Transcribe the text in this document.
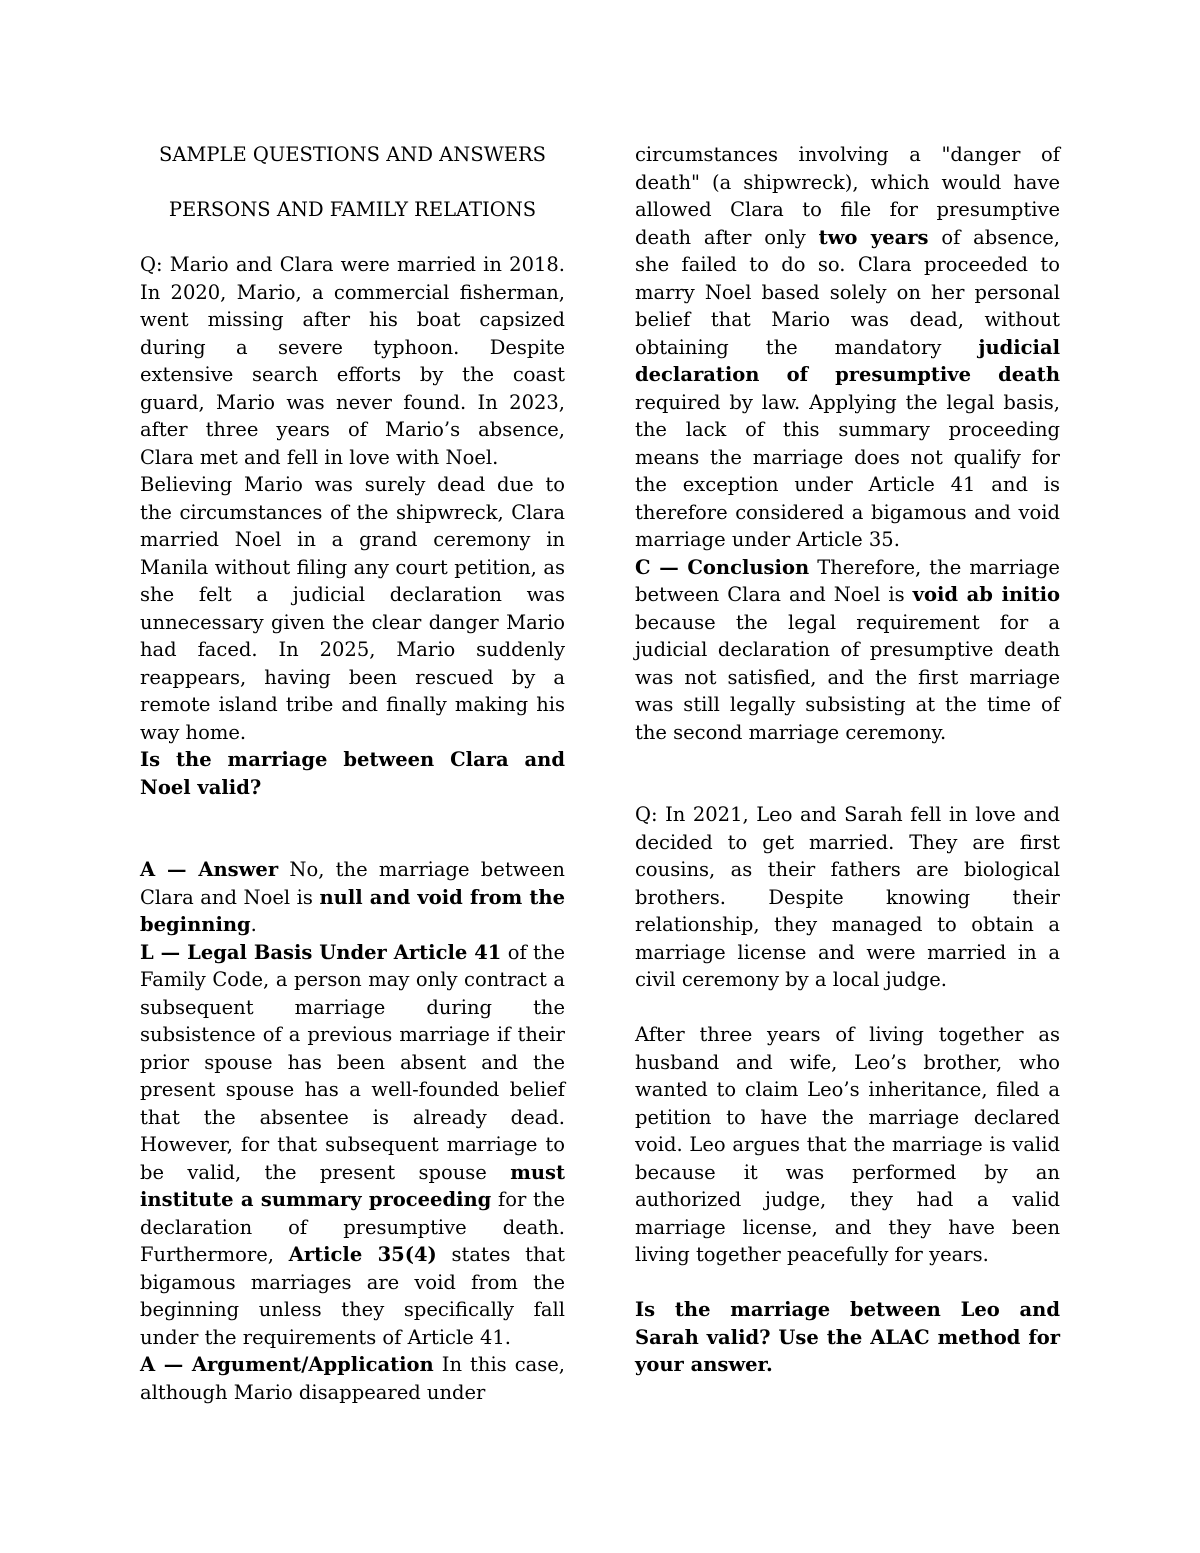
SAMPLE QUESTIONS AND ANSWERS

PERSONS AND FAMILY RELATIONS

Q: Mario and Clara were married in 2018. In 2020, Mario, a commercial fisherman, went missing after his boat capsized during a severe typhoon. Despite extensive search efforts by the coast guard, Mario was never found. In 2023, after three years of Mario’s absence, Clara met and fell in love with Noel.

Believing Mario was surely dead due to the circumstances of the shipwreck, Clara married Noel in a grand ceremony in Manila without filing any court petition, as she felt a judicial declaration was unnecessary given the clear danger Mario had faced. In 2025, Mario suddenly reappears, having been rescued by a remote island tribe and finally making his way home.

Is the marriage between Clara and Noel valid?

A — Answer No, the marriage between Clara and Noel is null and void from the beginning.

L — Legal Basis Under Article 41 of the Family Code, a person may only contract a subsequent marriage during the subsistence of a previous marriage if their prior spouse has been absent and the present spouse has a well-founded belief that the absentee is already dead. However, for that subsequent marriage to be valid, the present spouse must institute a summary proceeding for the declaration of presumptive death. Furthermore, Article 35(4) states that bigamous marriages are void from the beginning unless they specifically fall under the requirements of Article 41.

A — Argument/Application In this case, although Mario disappeared under

circumstances involving a "danger of death" (a shipwreck), which would have allowed Clara to file for presumptive death after only two years of absence, she failed to do so. Clara proceeded to marry Noel based solely on her personal belief that Mario was dead, without obtaining the mandatory judicial declaration of presumptive death required by law. Applying the legal basis, the lack of this summary proceeding means the marriage does not qualify for the exception under Article 41 and is therefore considered a bigamous and void marriage under Article 35.

C — Conclusion Therefore, the marriage between Clara and Noel is void ab initio because the legal requirement for a judicial declaration of presumptive death was not satisfied, and the first marriage was still legally subsisting at the time of the second marriage ceremony.

Q: In 2021, Leo and Sarah fell in love and decided to get married. They are first cousins, as their fathers are biological brothers. Despite knowing their relationship, they managed to obtain a marriage license and were married in a civil ceremony by a local judge.

After three years of living together as husband and wife, Leo’s brother, who wanted to claim Leo’s inheritance, filed a petition to have the marriage declared void. Leo argues that the marriage is valid because it was performed by an authorized judge, they had a valid marriage license, and they have been living together peacefully for years.

Is the marriage between Leo and Sarah valid? Use the ALAC method for your answer.
